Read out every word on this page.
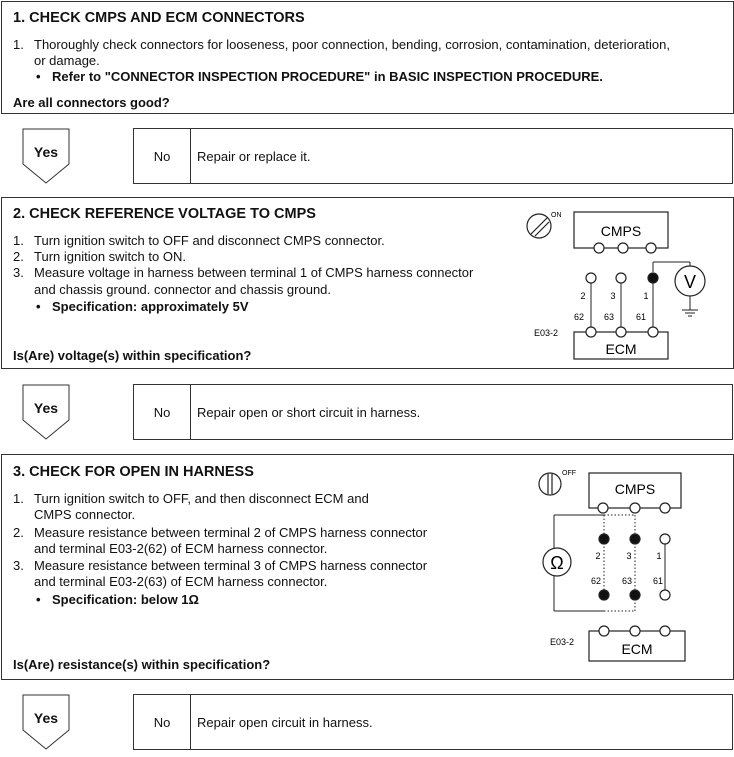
1. CHECK CMPS AND ECM CONNECTORS
1. Thoroughly check connectors for looseness, poor connection, bending, corrosion, contamination, deterioration,
or damage.
• Refer to "CONNECTOR INSPECTION PROCEDURE" in BASIC INSPECTION PROCEDURE.
Are all connectors good?
Yes	No	Repair or replace it.
2. CHECK REFERENCE VOLTAGE TO CMPS
1. Turn ignition switch to OFF and disconnect CMPS connector.
2. Turn ignition switch to ON.
3. Measure voltage in harness between terminal 1 of CMPS harness connector
and chassis ground. connector and chassis ground.
• Specification: approximately 5V
Is(Are) voltage(s) within specification?
ON
CMPS
2	3	1
62 63 61
V
E03-2
ECM
Yes	No	Repair open or short circuit in harness.
3. CHECK FOR OPEN IN HARNESS
1. Turn ignition switch to OFF, and then disconnect ECM and
CMPS connector.
2. Measure resistance between terminal 2 of CMPS harness connector
and terminal E03-2(62) of ECM harness connector.
3. Measure resistance between terminal 3 of CMPS harness connector
and terminal E03-2(63) of ECM harness connector.
• Specification: below 1Ω
Is(Are) resistance(s) within specification?
OFF
CMPS
Ω	2	3	1
62 63 61
E03-2	ECM
Yes	No	Repair open circuit in harness.
